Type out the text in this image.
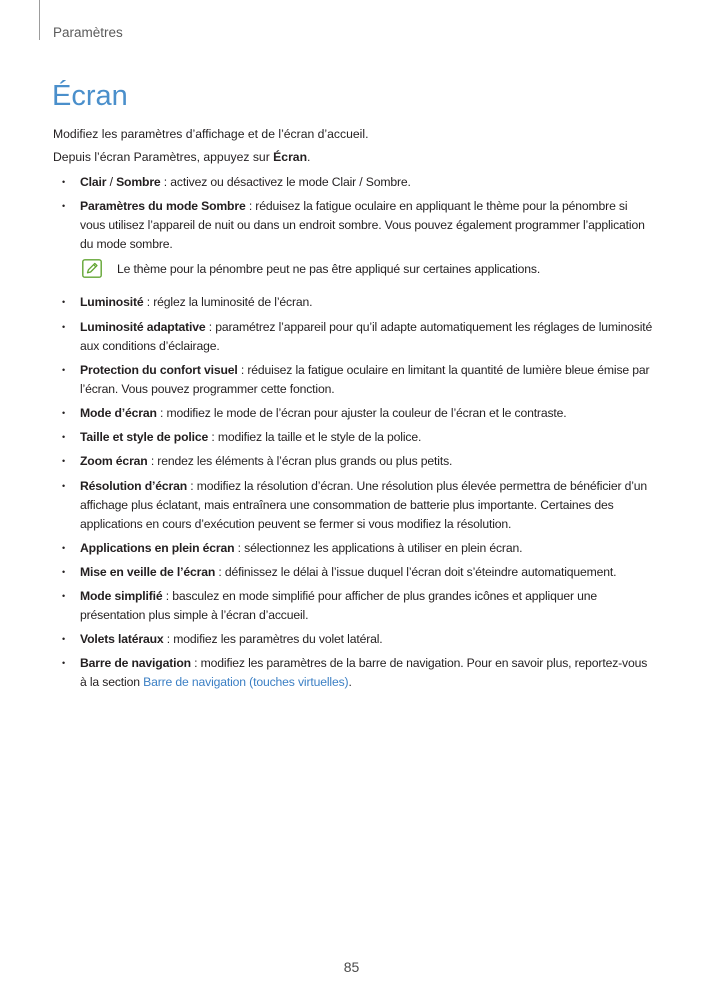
Paramètres
Écran
Modifiez les paramètres d’affichage et de l’écran d’accueil.
Depuis l’écran Paramètres, appuyez sur Écran.
• Clair / Sombre : activez ou désactivez le mode Clair / Sombre.
• Paramètres du mode Sombre : réduisez la fatigue oculaire en appliquant le thème pour la pénombre si vous utilisez l’appareil de nuit ou dans un endroit sombre. Vous pouvez également programmer l’application du mode sombre.
Le thème pour la pénombre peut ne pas être appliqué sur certaines applications.
• Luminosité : réglez la luminosité de l’écran.
• Luminosité adaptative : paramétrez l’appareil pour qu’il adapte automatiquement les réglages de luminosité aux conditions d’éclairage.
• Protection du confort visuel : réduisez la fatigue oculaire en limitant la quantité de lumière bleue émise par l’écran. Vous pouvez programmer cette fonction.
• Mode d’écran : modifiez le mode de l’écran pour ajuster la couleur de l’écran et le contraste.
• Taille et style de police : modifiez la taille et le style de la police.
• Zoom écran : rendez les éléments à l’écran plus grands ou plus petits.
• Résolution d’écran : modifiez la résolution d’écran. Une résolution plus élevée permettra de bénéficier d’un affichage plus éclatant, mais entraînera une consommation de batterie plus importante. Certaines des applications en cours d’exécution peuvent se fermer si vous modifiez la résolution.
• Applications en plein écran : sélectionnez les applications à utiliser en plein écran.
• Mise en veille de l’écran : définissez le délai à l’issue duquel l’écran doit s’éteindre automatiquement.
• Mode simplifié : basculez en mode simplifié pour afficher de plus grandes icônes et appliquer une présentation plus simple à l’écran d’accueil.
• Volets latéraux : modifiez les paramètres du volet latéral.
• Barre de navigation : modifiez les paramètres de la barre de navigation. Pour en savoir plus, reportez-vous à la section Barre de navigation (touches virtuelles).
85
